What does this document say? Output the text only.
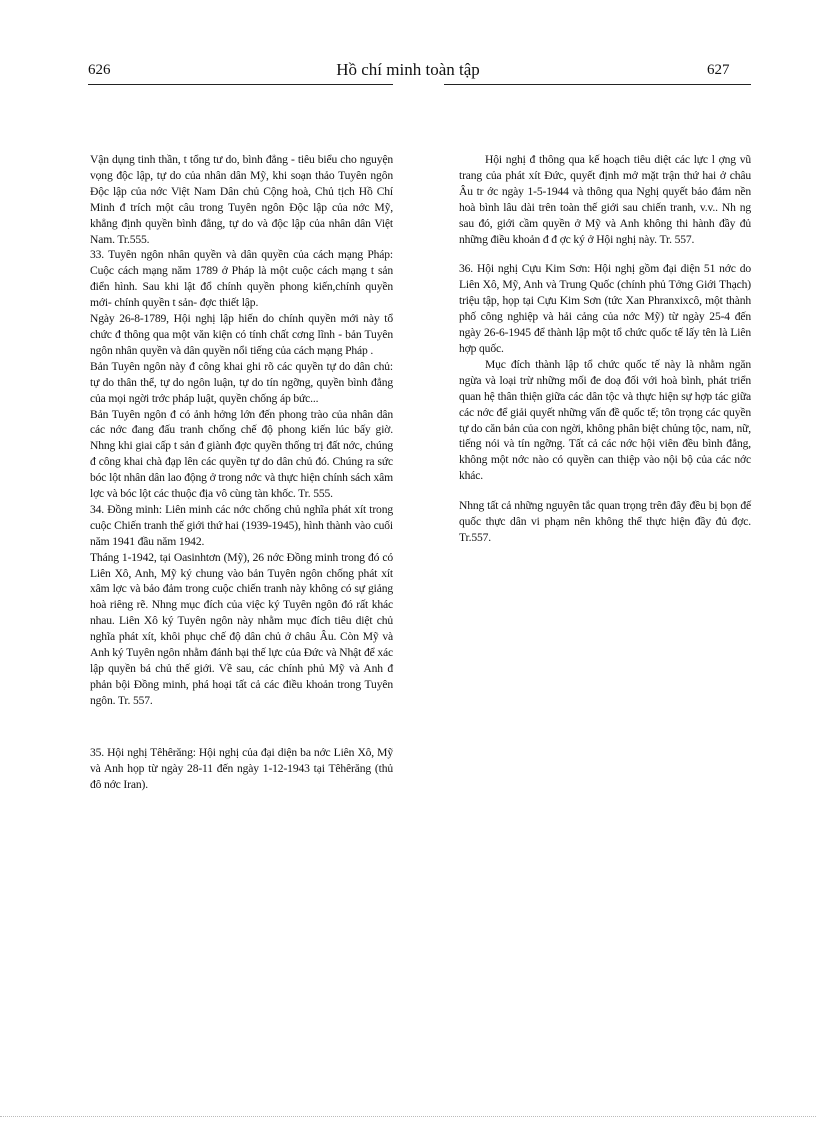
626	Hồ chí minh toàn tập	627

Vận dụng tinh thần, t tổng tư do, bình đẳng - tiêu biểu cho nguyện vọng độc lập, tự do của nhân dân Mỹ, khi soạn thảo Tuyên ngôn Độc lập của nớc Việt Nam Dân chủ Cộng hoà, Chủ tịch Hồ Chí Minh đ trích một câu trong Tuyên ngôn Độc lập của nớc Mỹ, khẳng định quyền bình đẳng, tự do và độc lập của nhân dân Việt Nam. Tr.555.

33. Tuyên ngôn nhân quyền và dân quyền của cách mạng Pháp: Cuộc cách mạng năm 1789 ở Pháp là một cuộc cách mạng t sản điển hình. Sau khi lật đổ chính quyền phong kiến,chính quyền mới- chính quyền t sản- đợc thiết lập.

Ngày 26-8-1789, Hội nghị lập hiến do chính quyền mới này tổ chức đ thông qua một văn kiện có tính chất cơng lĩnh - bản Tuyên ngôn nhân quyền và dân quyền nổi tiếng của cách mạng Pháp .

Bản Tuyên ngôn này đ công khai ghi rõ các quyền tự do dân chủ: tự do thân thể, tự do ngôn luận, tự do tín ngỡng, quyền bình đẳng của mọi ngời trớc pháp luật, quyền chống áp bức...

Bản Tuyên ngôn đ có ảnh hởng lớn đến phong trào của nhân dân các nớc đang đấu tranh chống chế độ phong kiến lúc bấy giờ. Nhng khi giai cấp t sản đ giành đợc quyền thống trị đất nớc, chúng đ công khai chà đạp lên các quyền tự do dân chủ đó. Chúng ra sức bóc lột nhân dân lao động ở trong nớc và thực hiện chính sách xâm lợc và bóc lột các thuộc địa vô cùng tàn khốc. Tr. 555.

34. Đồng minh: Liên minh các nớc chống chủ nghĩa phát xít trong cuộc Chiến tranh thế giới thứ hai (1939-1945), hình thành vào cuối năm 1941 đầu năm 1942.

Tháng 1-1942, tại Oasinhtơn (Mỹ), 26 nớc Đồng minh trong đó có Liên Xô, Anh, Mỹ ký chung vào bản Tuyên ngôn chống phát xít xâm lợc và bảo đảm trong cuộc chiến tranh này không có sự giảng hoà riêng rẽ. Nhng mục đích của việc ký Tuyên ngôn đó rất khác nhau. Liên Xô ký Tuyên ngôn này nhằm mục đích tiêu diệt chủ nghĩa phát xít, khôi phục chế độ dân chủ ở châu Âu. Còn Mỹ và Anh ký Tuyên ngôn nhằm đánh bại thế lực của Đức và Nhật để xác lập quyền bá chủ thế giới. Về sau, các chính phủ Mỹ và Anh đ phản bội Đồng minh, phá hoại tất cả các điều khoản trong Tuyên ngôn. Tr. 557.

35. Hội nghị Têhêrăng: Hội nghị của đại diện ba nớc Liên Xô, Mỹ và Anh họp từ ngày 28-11 đến ngày 1-12-1943 tại Têhêrăng (thủ đô nớc Iran).

Hội nghị đ thông qua kế hoạch tiêu diệt các lực l ợng vũ trang của phát xít Đức, quyết định mở mặt trận thứ hai ở châu Âu tr ớc ngày 1-5-1944 và thông qua Nghị quyết bảo đảm nền hoà bình lâu dài trên toàn thế giới sau chiến tranh, v.v.. Nh ng sau đó, giới cầm quyền ở Mỹ và Anh không thi hành đầy đủ những điều khoản đ đ ợc ký ở Hội nghị này. Tr. 557.

36. Hội nghị Cựu Kim Sơn: Hội nghị gồm đại diện 51 nớc do Liên Xô, Mỹ, Anh và Trung Quốc (chính phủ Tởng Giới Thạch) triệu tập, họp tại Cựu Kim Sơn (tức Xan Phranxixcô, một thành phố công nghiệp và hải cảng của nớc Mỹ) từ ngày 25-4 đến ngày 26-6-1945 để thành lập một tổ chức quốc tế lấy tên là Liên hợp quốc.

Mục đích thành lập tổ chức quốc tế này là nhằm ngăn ngừa và loại trừ những mối đe doạ đối với hoà bình, phát triển quan hệ thân thiện giữa các dân tộc và thực hiện sự hợp tác giữa các nớc để giải quyết những vấn đề quốc tế; tôn trọng các quyền tự do căn bản của con ngời, không phân biệt chủng tộc, nam, nữ, tiếng nói và tín ngỡng. Tất cả các nớc hội viên đều bình đẳng, không một nớc nào có quyền can thiệp vào nội bộ của các nớc khác.

Nhng tất cả những nguyên tắc quan trọng trên đây đều bị bọn đế quốc thực dân vi phạm nên không thể thực hiện đầy đủ đợc. Tr.557.
